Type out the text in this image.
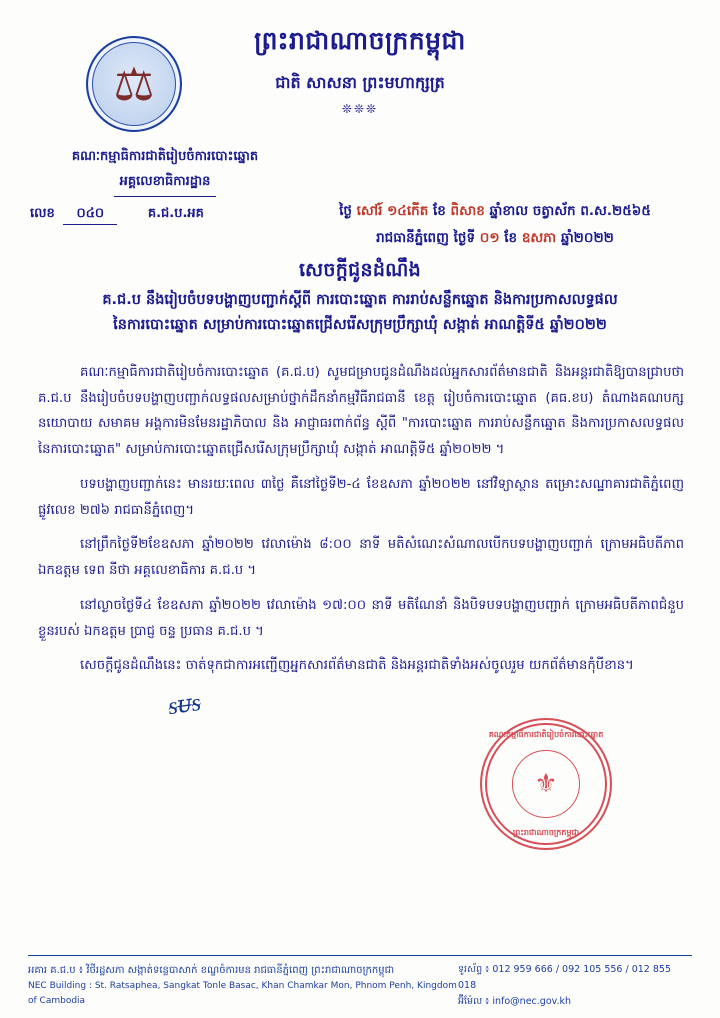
⚖
ព្រះរាជាណាចក្រកម្ពុជា
ជាតិ សាសនា ព្រះមហាក្សត្រ
❊❊❊
គណៈកម្មាធិការជាតិរៀបចំការបោះឆ្នោត
អគ្គលេខាធិការដ្ឋាន
លេខ ០៤០	គ.ជ.ប.អគ	ថ្ងៃ សៅរ៍ ១៤កើត ខែ ពិសាខ ឆ្នាំខាល ចត្វាស័ក ព.ស.២៥៦៥
រាជធានីភ្នំពេញ ថ្ងៃទី ០១ ខែ ឧសភា ឆ្នាំ២០២២
សេចក្ដីជូនដំណឹង
គ.ជ.ប នឹងរៀបចំបទបង្ហាញបញ្ជាក់ស្ដីពី ការបោះឆ្នោត ការរាប់សន្លឹកឆ្នោត និងការប្រកាសលទ្ធផល
នៃការបោះឆ្នោត សម្រាប់ការបោះឆ្នោតជ្រើសរើសក្រុមប្រឹក្សាឃុំ សង្កាត់ អាណត្តិទី៥ ឆ្នាំ២០២២

គណៈកម្មាធិការជាតិរៀបចំការបោះឆ្នោត (គ.ជ.ប) សូមជម្រាបជូនដំណឹងដល់អ្នកសារព័ត៌មានជាតិ និងអន្តរជាតិឱ្យបានជ្រាបថា គ.ជ.ប នឹងរៀបចំបទបង្ហាញបញ្ជាក់លទ្ធផលសម្រាប់ថ្នាក់ដឹកនាំកម្មវិធីរាជធានី ខេត្ត រៀបចំការបោះឆ្នោត (គធ.ខប) តំណាងគណបក្សនយោបាយ សមាគម អង្គការមិនមែនរដ្ឋាភិបាល និង អាជ្ញាធរពាក់ព័ន្ធ ស្ដីពី "ការបោះឆ្នោត ការរាប់សន្លឹកឆ្នោត និងការប្រកាសលទ្ធផលនៃការបោះឆ្នោត" សម្រាប់ការបោះឆ្នោតជ្រើសរើសក្រុមប្រឹក្សាឃុំ សង្កាត់ អាណត្តិទី៥ ឆ្នាំ២០២២ ។

បទបង្ហាញបញ្ជាក់នេះ មានរយៈពេល ៣ថ្ងៃ គឺនៅថ្ងៃទី២-៤ ខែឧសភា ឆ្នាំ២០២២ នៅវិទ្យាស្ថាន តម្រោះសណ្ឋាគារជាតិភ្នំពេញ ផ្លូវលេខ ២៧៦ រាជធានីភ្នំពេញ។

នៅព្រឹកថ្ងៃទី២ខែឧសភា ឆ្នាំ២០២២ វេលាម៉ោង ៨:០០ នាទី មតិសំណេះសំណាលបើកបទបង្ហាញបញ្ជាក់ ក្រោមអធិបតីភាព ឯកឧត្តម ទេព នីថា អគ្គលេខាធិការ គ.ជ.ប ។

នៅល្ងាចថ្ងៃទី៤ ខែឧសភា ឆ្នាំ២០២២ វេលាម៉ោង ១៧:០០ នាទី មតិណែនាំ និងបិទបទបង្ហាញបញ្ជាក់ ក្រោមអធិបតីភាពជំនួបខ្លួនរបស់ ឯកឧត្តម ប្រាជ្ញ ចន្ទ ប្រធាន គ.ជ.ប ។

សេចក្ដីជូនដំណឹងនេះ ចាត់ទុកជាការអញ្ជើញអ្នកសារព័ត៌មានជាតិ និងអន្តរជាតិទាំងអស់ចូលរួម យកព័ត៌មានកុំបីខាន។

ᵴᵾᵴ
គណៈកម្មាធិការជាតិរៀបចំការបោះឆ្នោត
⚜
ព្រះរាជាណាចក្រកម្ពុជា
អគារ គ.ជ.ប ៖ វិថីរដ្ឋសភា សង្កាត់ទន្លេបាសាក់ ខណ្ឌចំការមន រាជធានីភ្នំពេញ ព្រះរាជាណាចក្រកម្ពុជា
NEC Building : St. Ratsaphea, Sangkat Tonle Basac, Khan Chamkar Mon, Phnom Penh, Kingdom of Cambodia
ទូរស័ព្ទ ៖ 012 959 666 / 092 105 556 / 012 855 018
អ៊ីម៉ែល ៖ info@nec.gov.kh
